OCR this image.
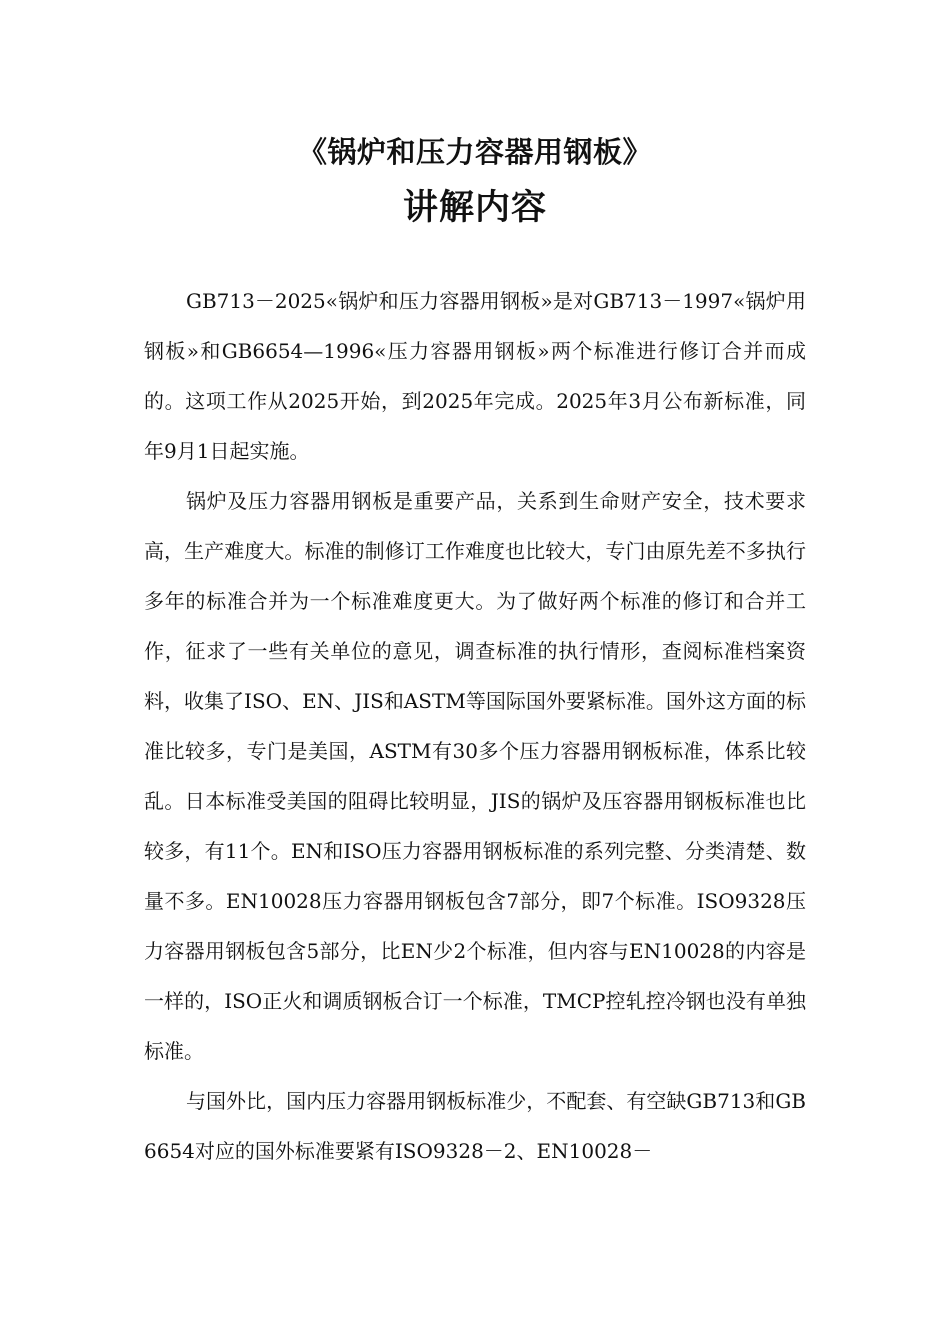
《锅炉和压力容器用钢板》
讲解内容

GB713－2025«锅炉和压力容器用钢板»是对GB713－1997«锅炉用钢板»和GB6654—1996«压力容器用钢板»两个标准进行修订合并而成的。这项工作从2025开始，到2025年完成。2025年3月公布新标准，同年9月1日起实施。

锅炉及压力容器用钢板是重要产品，关系到生命财产安全，技术要求高，生产难度大。标准的制修订工作难度也比较大，专门由原先差不多执行多年的标准合并为一个标准难度更大。为了做好两个标准的修订和合并工作，征求了一些有关单位的意见，调查标准的执行情形，查阅标准档案资料，收集了ISO、EN、JIS和ASTM等国际国外要紧标准。国外这方面的标准比较多，专门是美国，ASTM有30多个压力容器用钢板标准，体系比较乱。日本标准受美国的阻碍比较明显，JIS的锅炉及压容器用钢板标准也比较多，有11个。EN和ISO压力容器用钢板标准的系列完整、分类清楚、数量不多。EN10028压力容器用钢板包含7部分，即7个标准。ISO9328压力容器用钢板包含5部分，比EN少2个标准，但内容与EN10028的内容是一样的，ISO正火和调质钢板合订一个标准，TMCP控轧控冷钢也没有单独标准。

与国外比，国内压力容器用钢板标准少，不配套、有空缺GB713和GB 6654对应的国外标准要紧有ISO9328－2、EN10028－
